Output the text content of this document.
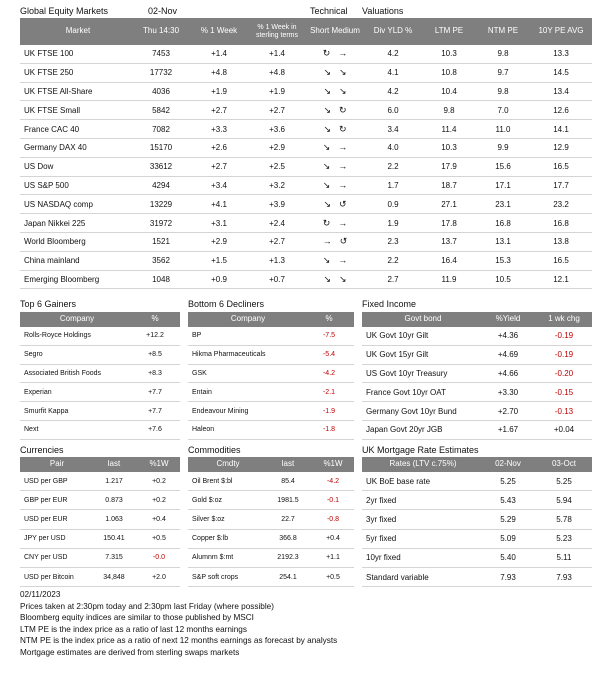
Global Equity Markets	02-Nov	Technical Valuations
Market	Thu 14:30	% 1 Week	% 1 Week in sterling terms	Short Medium	Div YLD %	LTM PE	NTM PE	10Y PE AVG
UK FTSE 100	7453	+1.4	+1.4	↻ →	4.2	10.3	9.8	13.3
UK FTSE 250	17732	+4.8	+4.8	↘ ↘	4.1	10.8	9.7	14.5
UK FTSE All-Share	4036	+1.9	+1.9	↘ ↘	4.2	10.4	9.8	13.4
UK FTSE Small	5842	+2.7	+2.7	↘ ↻	6.0	9.8	7.0	12.6
France CAC 40	7082	+3.3	+3.6	↘ ↻	3.4	11.4	11.0	14.1
Germany DAX 40	15170	+2.6	+2.9	↘ →	4.0	10.3	9.9	12.9
US Dow	33612	+2.7	+2.5	↘ →	2.2	17.9	15.6	16.5
US S&P 500	4294	+3.4	+3.2	↘ →	1.7	18.7	17.1	17.7
US NASDAQ comp	13229	+4.1	+3.9	↘ ↺	0.9	27.1	23.1	23.2
Japan Nikkei 225	31972	+3.1	+2.4	↻ →	1.9	17.8	16.8	16.8
World Bloomberg	1521	+2.9	+2.7	→ ↺	2.3	13.7	13.1	13.8
China mainland	3562	+1.5	+1.3	↘ →	2.2	16.4	15.3	16.5
Emerging Bloomberg	1048	+0.9	+0.7	↘ ↘	2.7	11.9	10.5	12.1
Top 6 Gainers	Bottom 6 Decliners	Fixed Income
Company	%	Company	%	Govt bond	%Yield	1 wk chg
Rolls-Royce Holdings	+12.2
Segro	+8.5
Associated British Foods	+8.3
Experian	+7.7
Smurfit Kappa	+7.7
Next	+7.6
BP	-7.5
Hikma Pharmaceuticals	-5.4
GSK	-4.2
Entain	-2.1
Endeavour Mining	-1.9
Haleon	-1.8
UK Govt 10yr Gilt	+4.36	-0.19
UK Govt 15yr Gilt	+4.69	-0.19
US Govt 10yr Treasury	+4.66	-0.20
France Govt 10yr OAT	+3.30	-0.15
Germany Govt 10yr Bund	+2.70	-0.13
Japan Govt 20yr JGB	+1.67	+0.04
Currencies	Commodities	UK Mortgage Rate Estimates
Pair	last	%1W	Cmdty	last	%1W	Rates (LTV c.75%)	02-Nov	03-Oct
USD per GBP	1.217	+0.2
GBP per EUR	0.873	+0.2
USD per EUR	1.063	+0.4
JPY per USD	150.41	+0.5
CNY per USD	7.315	-0.0
USD per Bitcoin	34,848	+2.0
Oil Brent $:bl	85.4	-4.2
Gold $:oz	1981.5	-0.1
Silver $:oz	22.7	-0.8
Copper $:lb	366.8	+0.4
Alumnm $:mt	2192.3	+1.1
S&P soft crops	254.1	+0.5
UK BoE base rate	5.25	5.25
2yr fixed	5.43	5.94
3yr fixed	5.29	5.78
5yr fixed	5.09	5.23
10yr fixed	5.40	5.11
Standard variable	7.93	7.93
02/11/2023
Prices taken at 2:30pm today and 2:30pm last Friday (where possible)
Bloomberg equity indices are similar to those published by MSCI
LTM PE is the index price as a ratio of last 12 months earnings
NTM PE is the index price as a ratio of next 12 months earnings as forecast by analysts
Mortgage estimates are derived from sterling swaps markets
